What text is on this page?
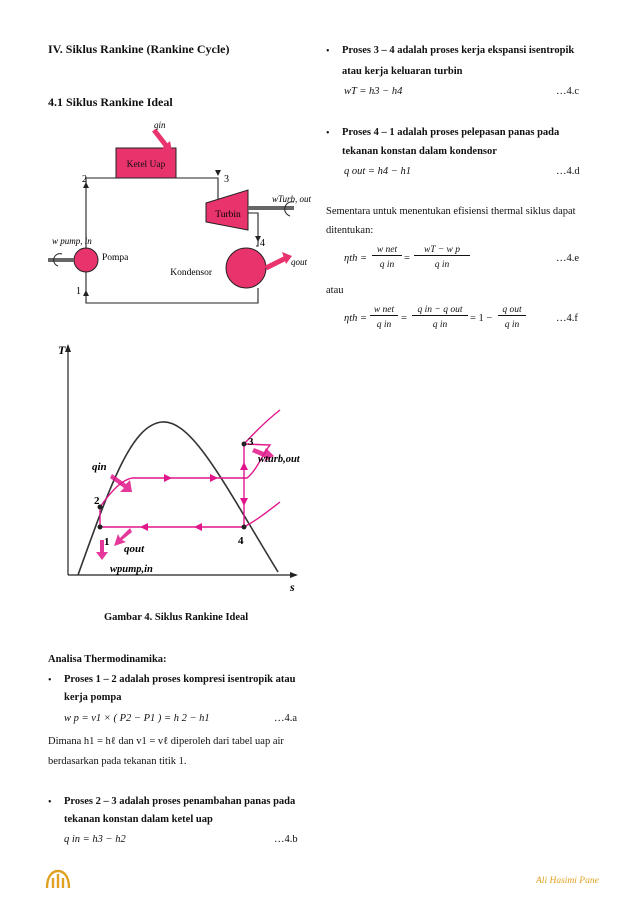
IV. Siklus Rankine (Rankine Cycle)
4.1 Siklus Rankine Ideal
Ketel Uap
qin
Turbin
wTurb, out
2	3
4
1
Kondensor
qout
Pompa
w pump, in
T
s
1
2
3
4
qin
wturb,out
qout
wpump,in
Gambar 4. Siklus Rankine Ideal
Analisa Thermodinamika:
• Proses 1 – 2 adalah proses kompresi isentropik atau
kerja pompa
w p = v1 × ( P2 − P1 ) = h 2 − h1	…4.a
Dimana h1 = hℓ dan v1 = vℓ diperoleh dari tabel uap air
berdasarkan pada tekanan titik 1.
• Proses 2 – 3 adalah proses penambahan panas pada
tekanan konstan dalam ketel uap
q in = h3 − h2	…4.b
• Proses 3 – 4 adalah proses kerja ekspansi isentropik
atau kerja keluaran turbin
wT = h3 − h4	…4.c
• Proses 4 – 1 adalah proses pelepasan panas pada
tekanan konstan dalam kondensor
q out = h4 − h1	…4.d
Sementara untuk menentukan efisiensi thermal siklus dapat
ditentukan:
ηth =
w net
q in
=
wT − w p
q in
…4.e
atau
ηth =
w net
q in
=
q in − q out
q in
= 1 −
q out
q in
…4.f
Ali Hasimi Pane
